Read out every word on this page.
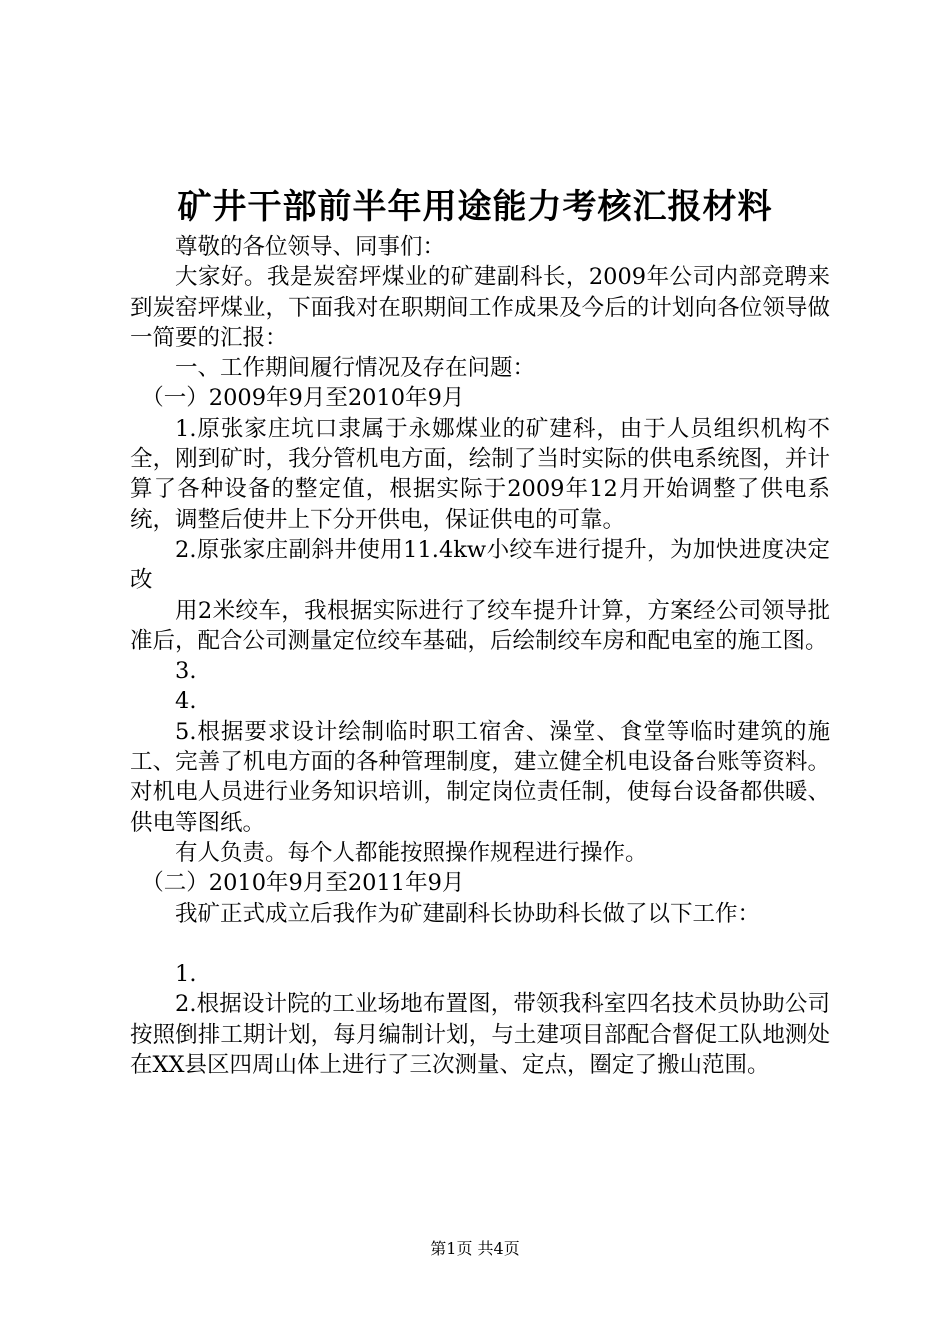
矿井干部前半年用途能力考核汇报材料

尊敬的各位领导、同事们：

大家好。我是炭窑坪煤业的矿建副科长，2009年公司内部竞聘来到炭窑坪煤业，下面我对在职期间工作成果及今后的计划向各位领导做一简要的汇报：

一、工作期间履行情况及存在问题：

（一）2009年9月至2010年9月

1.原张家庄坑口隶属于永娜煤业的矿建科，由于人员组织机构不全，刚到矿时，我分管机电方面，绘制了当时实际的供电系统图，并计算了各种设备的整定值，根据实际于2009年12月开始调整了供电系统，调整后使井上下分开供电，保证供电的可靠。

2.原张家庄副斜井使用11.4kw小绞车进行提升，为加快进度决定改

用2米绞车，我根据实际进行了绞车提升计算，方案经公司领导批准后，配合公司测量定位绞车基础，后绘制绞车房和配电室的施工图。

3.

4.

5.根据要求设计绘制临时职工宿舍、澡堂、食堂等临时建筑的施工、完善了机电方面的各种管理制度，建立健全机电设备台账等资料。对机电人员进行业务知识培训，制定岗位责任制，使每台设备都供暖、供电等图纸。

有人负责。每个人都能按照操作规程进行操作。

（二）2010年9月至2011年9月

我矿正式成立后我作为矿建副科长协助科长做了以下工作：

1.

2.根据设计院的工业场地布置图，带领我科室四名技术员协助公司按照倒排工期计划，每月编制计划，与土建项目部配合督促工队地测处在XX县区四周山体上进行了三次测量、定点，圈定了搬山范围。

第1页 共4页
